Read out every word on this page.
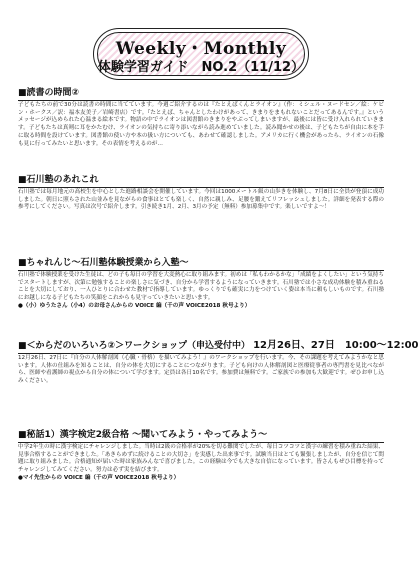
Weekly・Monthly
体験学習ガイド　NO.2（11/12）
■読書の時間②
子どもたちの前で30分は読書の時間に当てています。今週ご紹介するのは『たとえばくんとライオン』（作：ミシェル・ヌードセン／絵：ケビン・ホークス／訳：福本友美子／岩崎書店）です。『たとえば、ちゃんとしたわけがあって、きまりをまもれないことだってあるんです。』というメッセージが込められた心温まる絵本です。物語の中でライオンは図書館のきまりをやぶってしまいますが、最後には皆に受け入れられていきます。子どもたちは真剣に耳をかたむけ、ライオンの気持ちに寄り添いながら読み進めていました。読み聞かせの後は、子どもたちが自由に本を手に取る時間を設けています。図書館の使い方や本の扱い方についても、あわせて確認しました。アメリカに行く機会があったら、ライオンの石像も見に行ってみたいと思います。その表情を考えるのが…
■石川塾のあれこれ
石川塾では毎月地元の高校生を中心とした進路相談会を開催しています。今回は1000メートル級の山歩きを体験し、7月8日に全員が登頂に成功しました。朝日に照らされた山並みを見ながらの食事はとても楽しく、自然に親しみ、足腰を鍛えてリフレッシュしました。詳細を発表する際の参考にしてください。写真は次号で紹介します。引き続き1月、2月、3月の予定（無料）参加募集中です。楽しいですよ～！
■ちゃれんじ～石川塾体験授業から入塾～
石川塾で体験授業を受けた生徒は、どの子も毎日の学習を大変熱心に取り組みます。初めは「私もわかるかな」「成績をよくしたい」という気持ちでスタートしますが、次第に勉強することの楽しさに気づき、自分から学習するようになっていきます。石川塾では小さな成功体験を積み重ねることを大切にしており、一人ひとりに合わせた教材で指導しています。ゆっくりでも確実に力をつけていく姿は本当に頼もしいものです。石川塾にお越しになる子どもたちの笑顔をこれからも見守っていきたいと思います。
●（小）ゆうたさん（小4）のお母さんからの VOICE 編（千の声 VOICE2018 秋号より）
■＜からだのいろいろ②＞ワークショップ（申込受付中） 12月26日、27日　10:00～12:00
12月26日、27日に『自分の人体解剖図（心臓・骨格）を描いてみよう！』のワークショップを行います。今、その課題を考えてみようかなと思います。人体の仕組みを知ることは、自分の体を大切にすることにつながります。子ども向けの人体解剖図と医療従事者の専門書を見比べながら、医師や看護師の視点から自分の体について学びます。定員は各日10名です。参加費は無料です。ご家族での参加も大歓迎です。ぜひお申し込みください。
■秘話1）漢字検定2級合格 ～聞いてみよう・やってみよう～
中学2年生の時に漢字検定にチャレンジしました。当時は2級の合格率が20%を切る難関でしたが、毎日コツコツと漢字の練習を積み重ねた結果、見事合格することができました。「あきらめずに続けることの大切さ」を実感した出来事です。試験当日はとても緊張しましたが、自分を信じて問題に取り組みました。合格通知が届いた時は家族みんなで喜びました。この経験は今でも大きな自信になっています。皆さんもぜひ目標を持ってチャレンジしてみてください。努力は必ず実を結びます。
●マイ先生からの VOICE 編（千の声 VOICE2018 秋号より）
